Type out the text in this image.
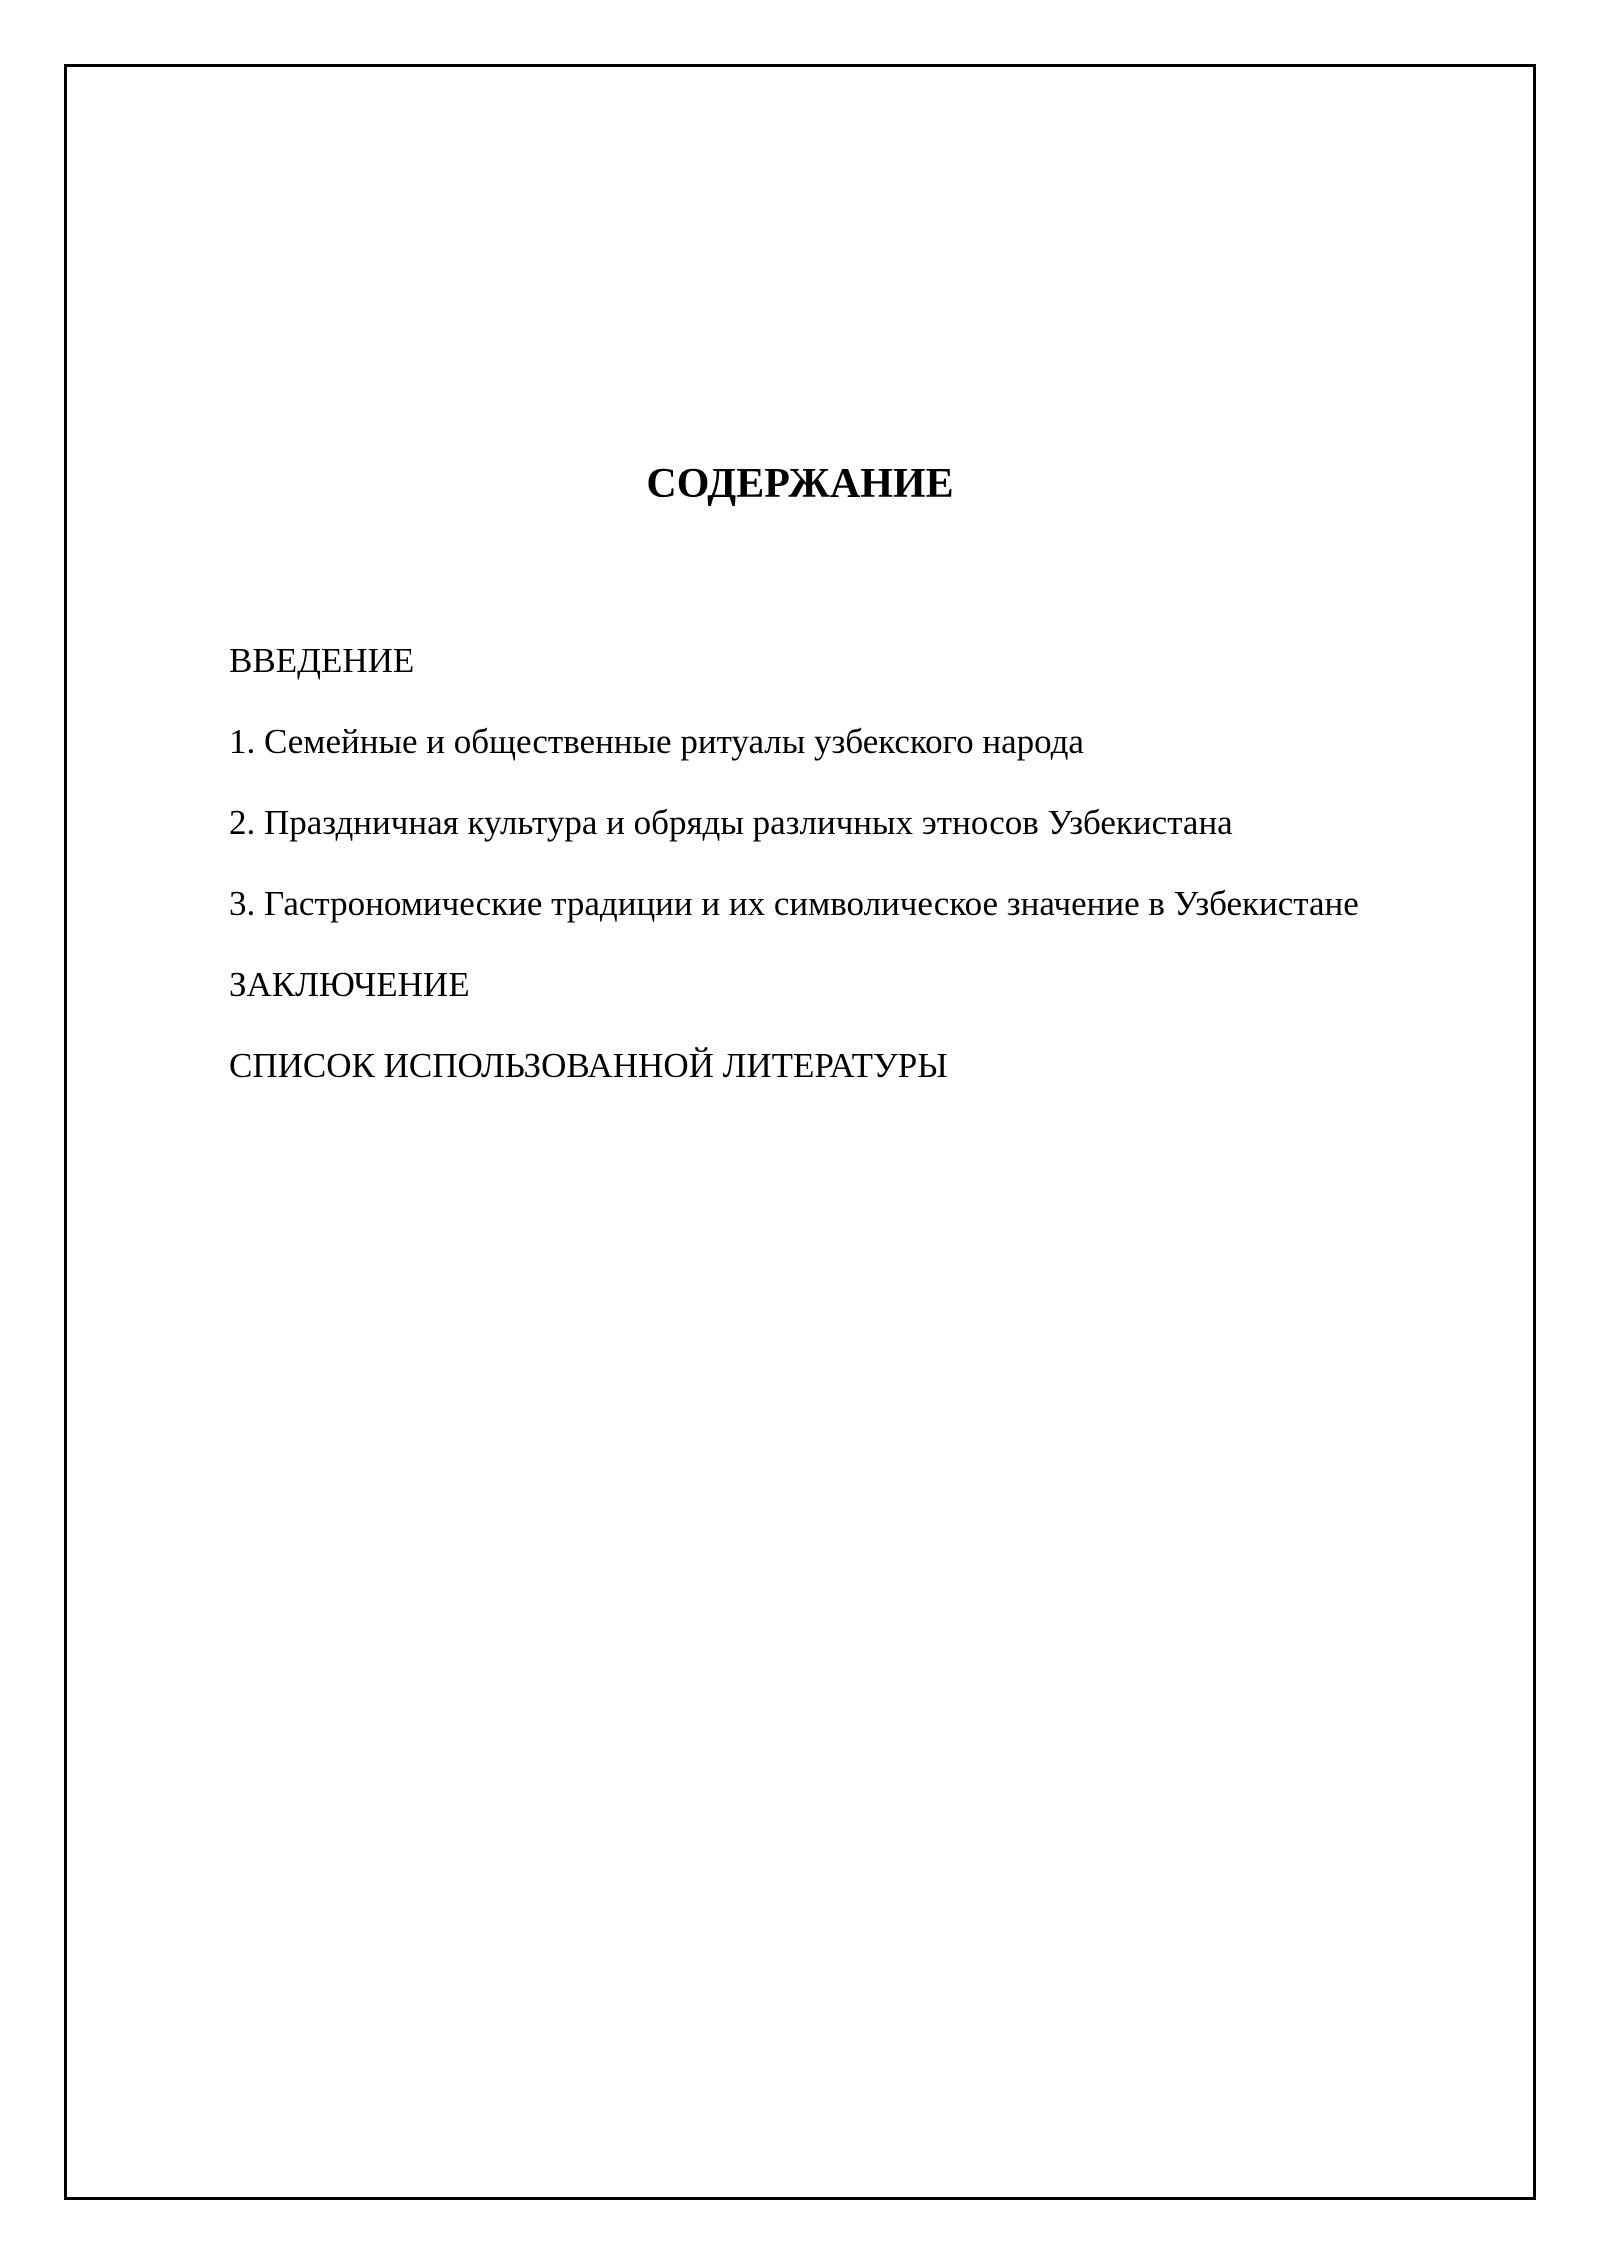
СОДЕРЖАНИЕ
ВВЕДЕНИЕ
1. Семейные и общественные ритуалы узбекского народа
2. Праздничная культура и обряды различных этносов Узбекистана
3. Гастрономические традиции и их символическое значение в Узбекистане
ЗАКЛЮЧЕНИЕ
СПИСОК ИСПОЛЬЗОВАННОЙ ЛИТЕРАТУРЫ
